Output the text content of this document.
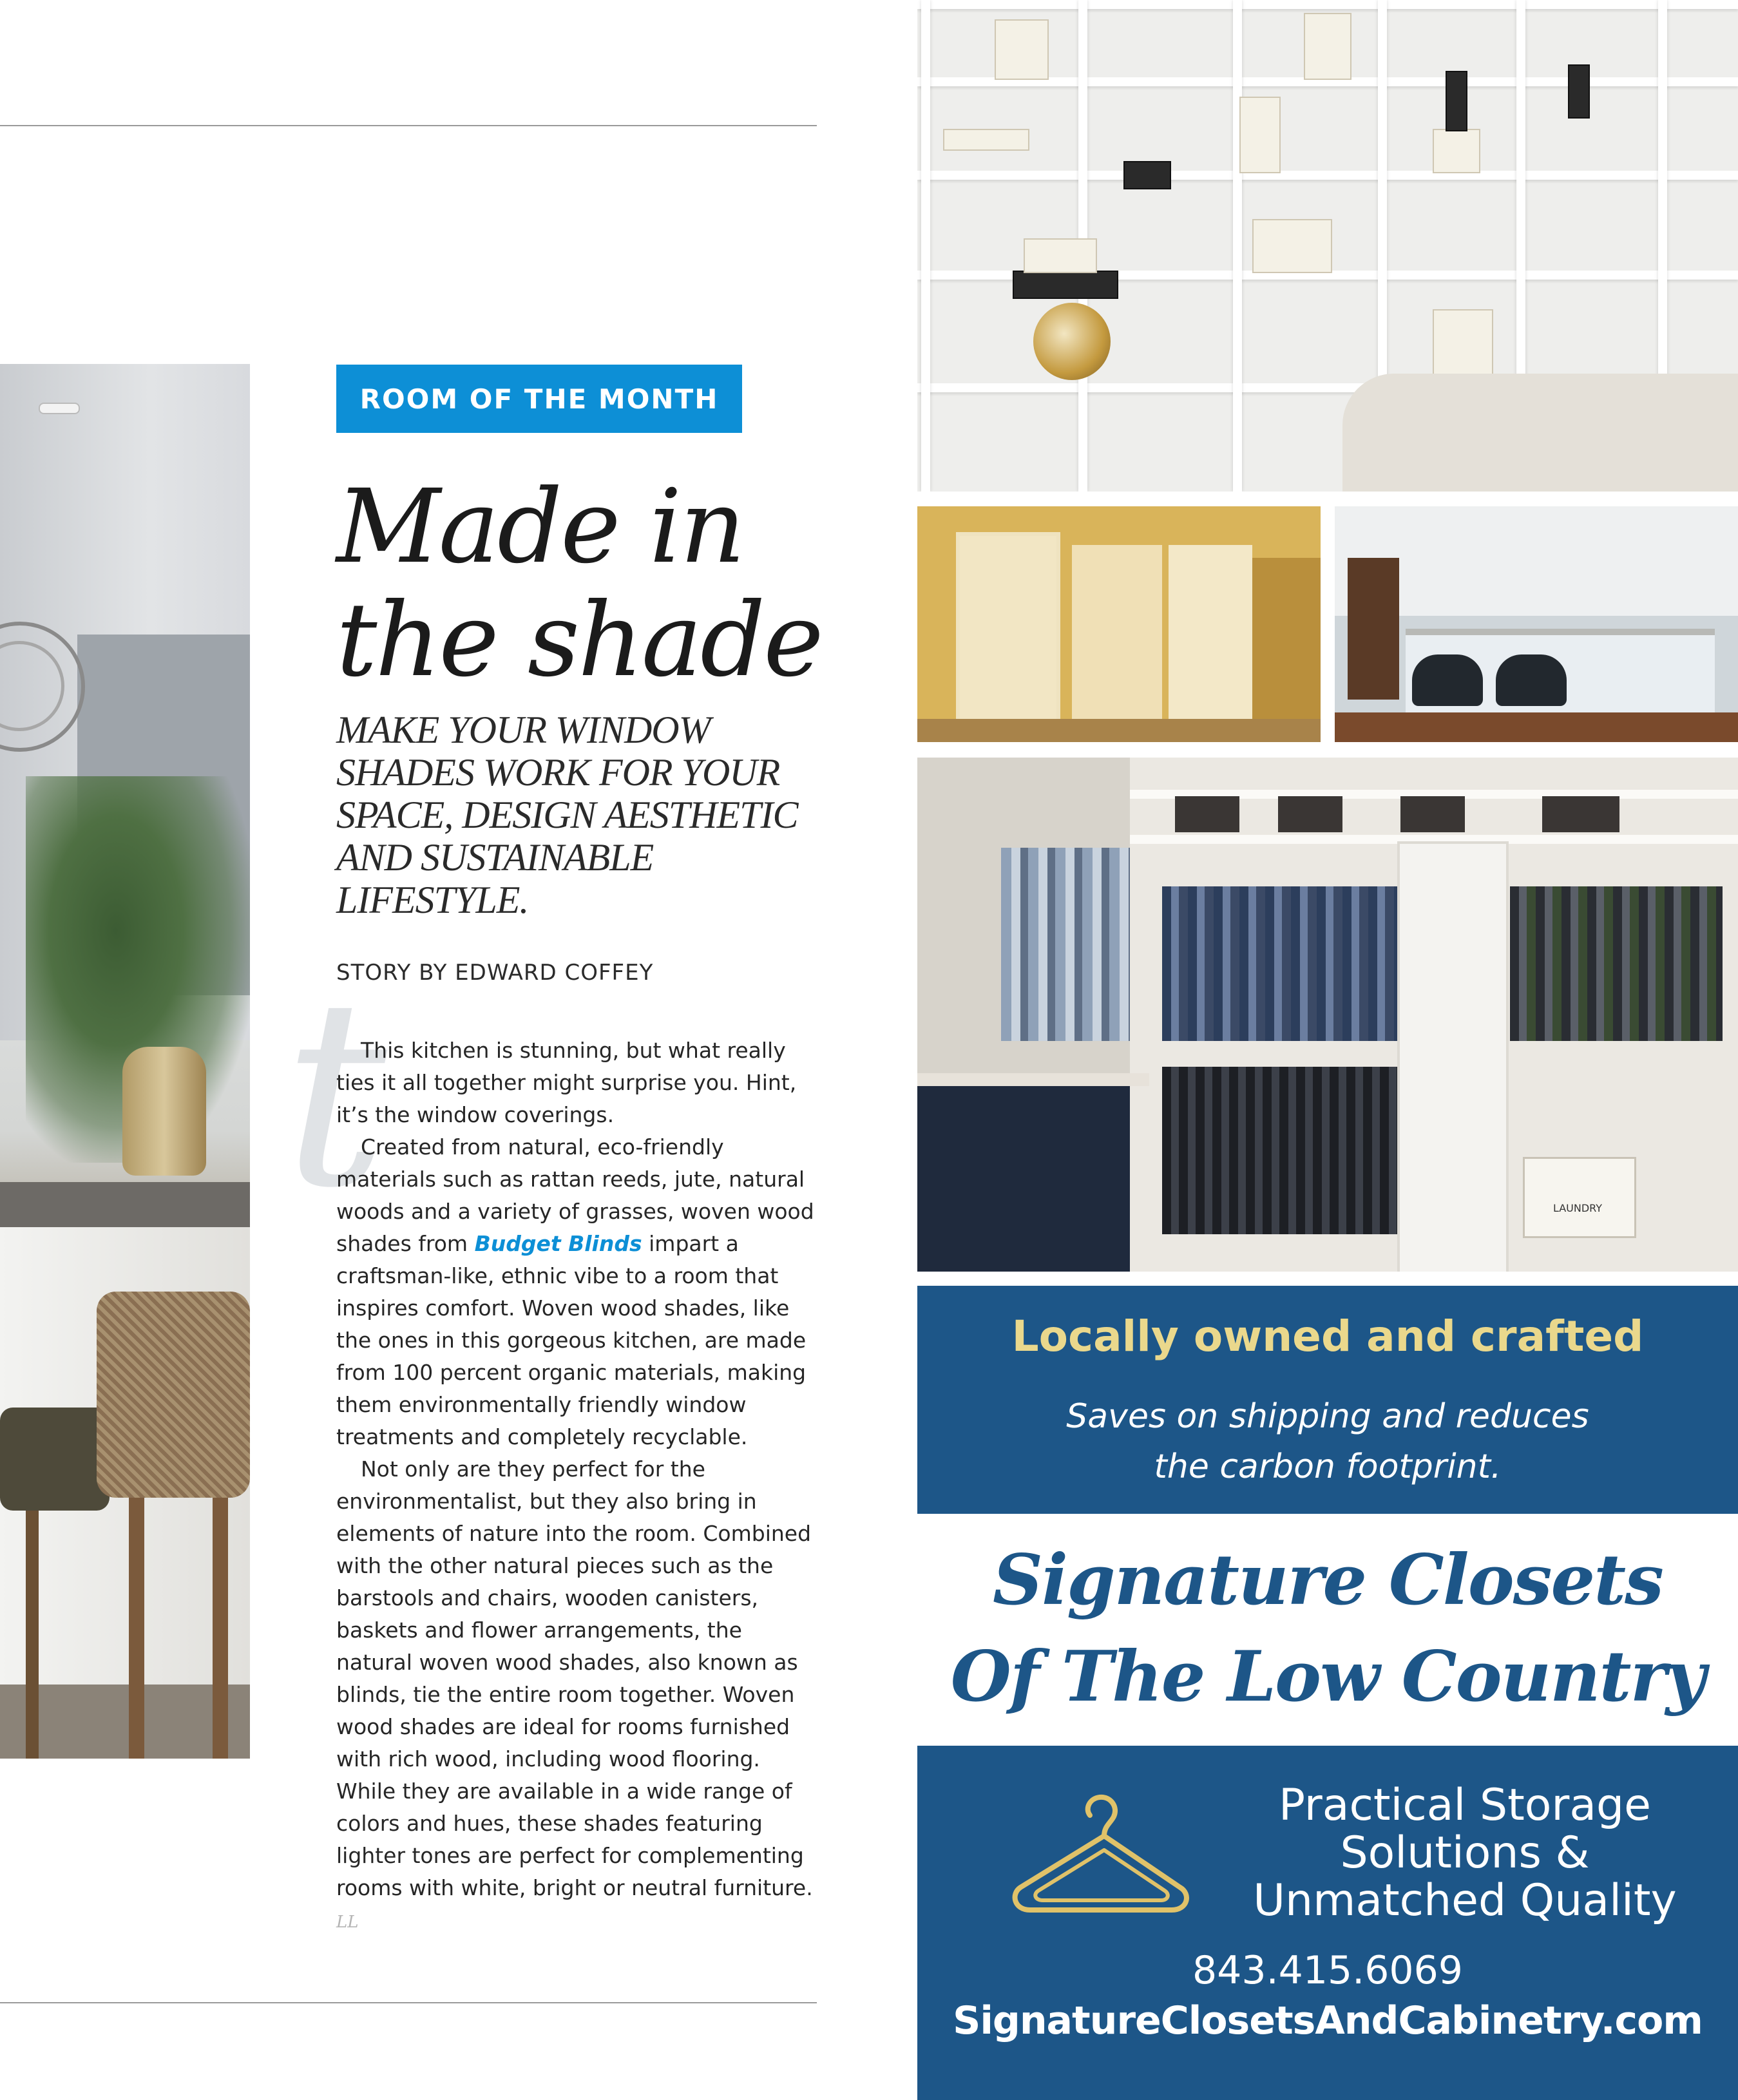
ROOM OF THE MONTH
Made in
the shade
MAKE YOUR WINDOW SHADES WORK FOR YOUR SPACE, DESIGN AESTHETIC AND SUSTAINABLE LIFESTYLE.
t
STORY BY EDWARD COFFEY

This kitchen is stunning, but what really ties it all together might surprise you. Hint, it’s the window coverings.

Created from natural, eco-friendly materials such as rattan reeds, jute, natural woods and a variety of grasses, woven wood shades from Budget Blinds impart a craftsman-like, ethnic vibe to a room that inspires comfort. Woven wood shades, like the ones in this gorgeous kitchen, are made from 100 percent organic materials, making them environmentally friendly window treatments and completely recyclable.

Not only are they perfect for the environmentalist, but they also bring in elements of nature into the room. Combined with the other natural pieces such as the barstools and chairs, wooden canisters, baskets and flower arrangements, the natural woven wood shades, also known as blinds, tie the entire room together. Woven wood shades are ideal for rooms furnished with rich wood, including wood flooring. While they are available in a wide range of colors and hues, these shades featuring lighter tones are perfect for complementing rooms with white, bright or neutral furniture. LL

LAUNDRY
Locally owned and crafted
Saves on shipping and reduces
the carbon footprint.
Signature Closets
Of The Low Country
Practical Storage
Solutions &
Unmatched Quality
843.415.6069
SignatureClosetsAndCabinetry.com
